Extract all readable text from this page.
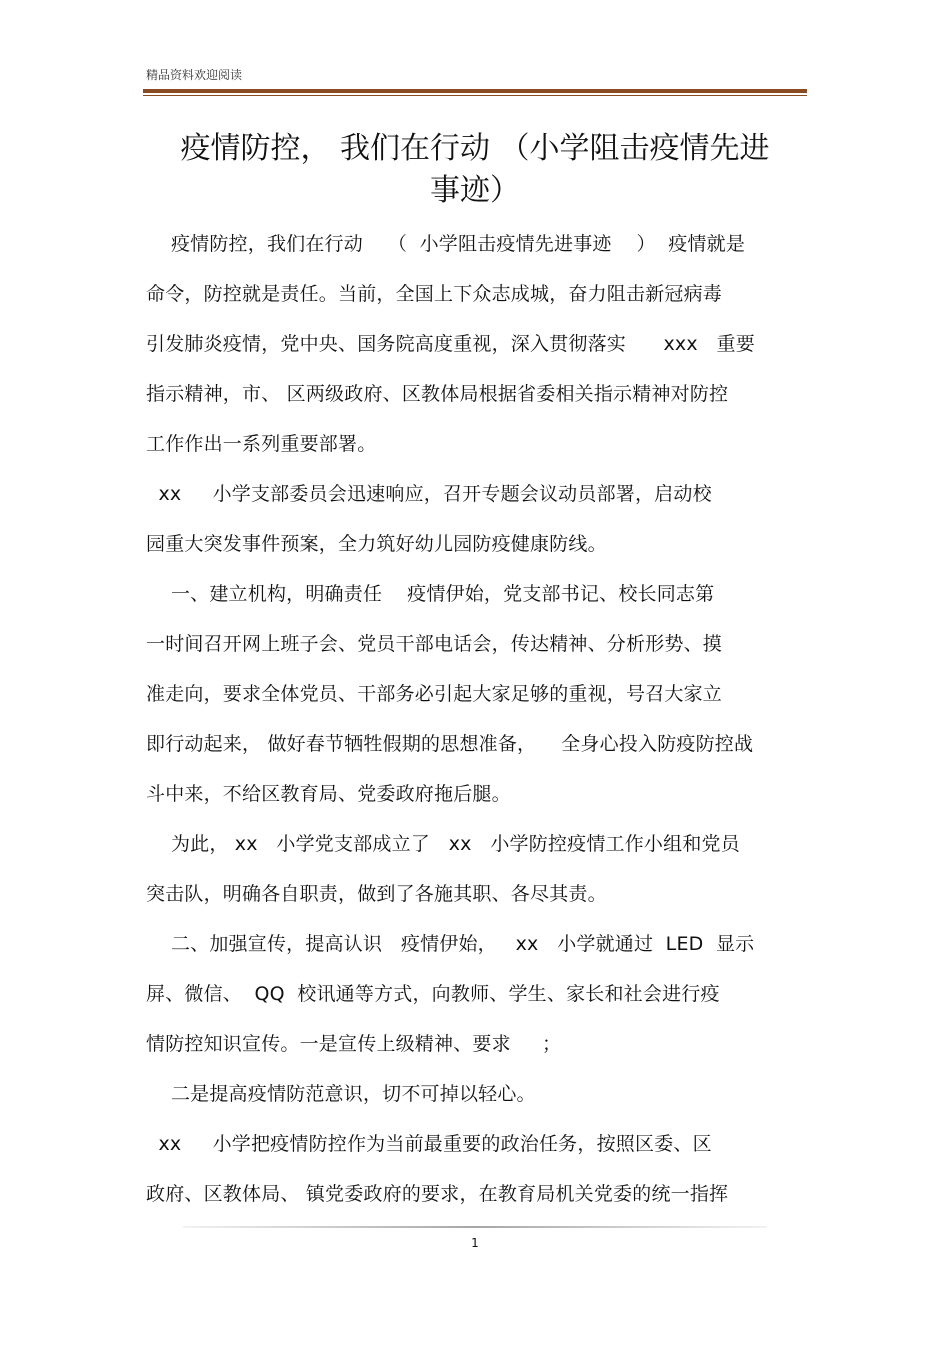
精品资料欢迎阅读
疫情防控， 我们在行动 （小学阻击疫情先进
事迹）
疫情防控，我们在行动    （  小学阻击疫情先进事迹    ）  疫情就是
命令，防控就是责任。当前，全国上下众志成城，奋力阻击新冠病毒
引发肺炎疫情，党中央、国务院高度重视，深入贯彻落实      xxx   重要
指示精神，市、 区两级政府、区教体局根据省委相关指示精神对防控
工作作出一系列重要部署。
xx     小学支部委员会迅速响应，召开专题会议动员部署，启动校
园重大突发事件预案，全力筑好幼儿园防疫健康防线。
一、建立机构，明确责任    疫情伊始，党支部书记、校长同志第
一时间召开网上班子会、党员干部电话会，传达精神、分析形势、摸
准走向，要求全体党员、干部务必引起大家足够的重视，号召大家立
即行动起来， 做好春节牺牲假期的思想准备，    全身心投入防疫防控战
斗中来，不给区教育局、党委政府拖后腿。
为此， xx   小学党支部成立了   xx   小学防控疫情工作小组和党员
突击队，明确各自职责，做到了各施其职、各尽其责。
二、加强宣传，提高认识   疫情伊始，   xx   小学就通过  LED  显示
屏、微信、  QQ  校讯通等方式，向教师、学生、家长和社会进行疫
情防控知识宣传。一是宣传上级精神、要求     ；
二是提高疫情防范意识，切不可掉以轻心。
xx     小学把疫情防控作为当前最重要的政治任务，按照区委、区
政府、区教体局、 镇党委政府的要求，在教育局机关党委的统一指挥
1
